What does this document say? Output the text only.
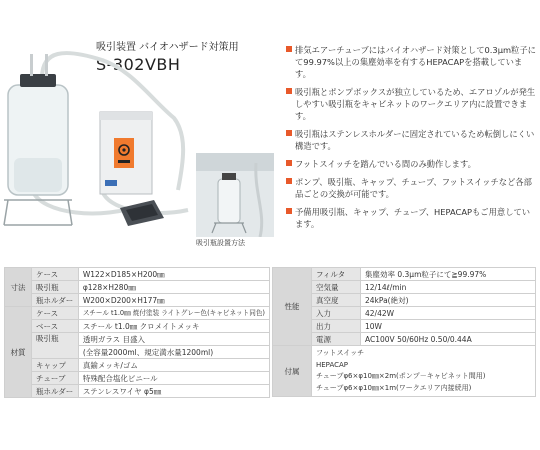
吸引装置 バイオハザード対策用
S-302VBH
吸引瓶設置方法
排気エアーチューブにはバイオハザード対策として0.3μm粒子にて99.97%以上の集塵効率を有するHEPACAPを搭載しています。
吸引瓶とポンプボックスが独立しているため、エアロゾルが発生しやすい吸引瓶をキャビネットのワークエリア内に設置できます。
吸引瓶はステンレスホルダーに固定されているため転倒しにくい構造です。
フットスイッチを踏んでいる間のみ動作します。
ポンプ、吸引瓶、キャップ、チューブ、フットスイッチなど各部品ごとの交換が可能です。
予備用吸引瓶、キャップ、チューブ、HEPACAPもご用意しています。
寸法	ケース	W122×D185×H200㎜
	吸引瓶	φ128×H280㎜
	瓶ホルダー	W200×D200×H177㎜
材質	ケース	スチール t1.0㎜ 焼付塗装 ライトグレー色(キャビネット同色)
	ベース	スチール t1.0㎜ クロメイトメッキ
	吸引瓶	透明ガラス 目盛入
		(全容量2000ml、規定満水量1200ml)
	キャップ	真鍮メッキ/ゴム
	チューブ	特殊配合塩化ビニール
	瓶ホルダー	ステンレスワイヤ φ5㎜
性能	フィルタ	集塵効率 0.3μm粒子にて≧99.97%
	空気量	12/14ℓ/min
	真空度	24kPa(絶対)
	入力	42/42W
	出力	10W
	電源	AC100V 50/60Hz 0.50/0.44A
付属	フットスイッチ
HEPACAP
チューブφ6×φ10㎜×2m(ポンプ－キャビネット間用)
チューブφ6×φ10㎜×1m(ワークエリア内接続用)	
